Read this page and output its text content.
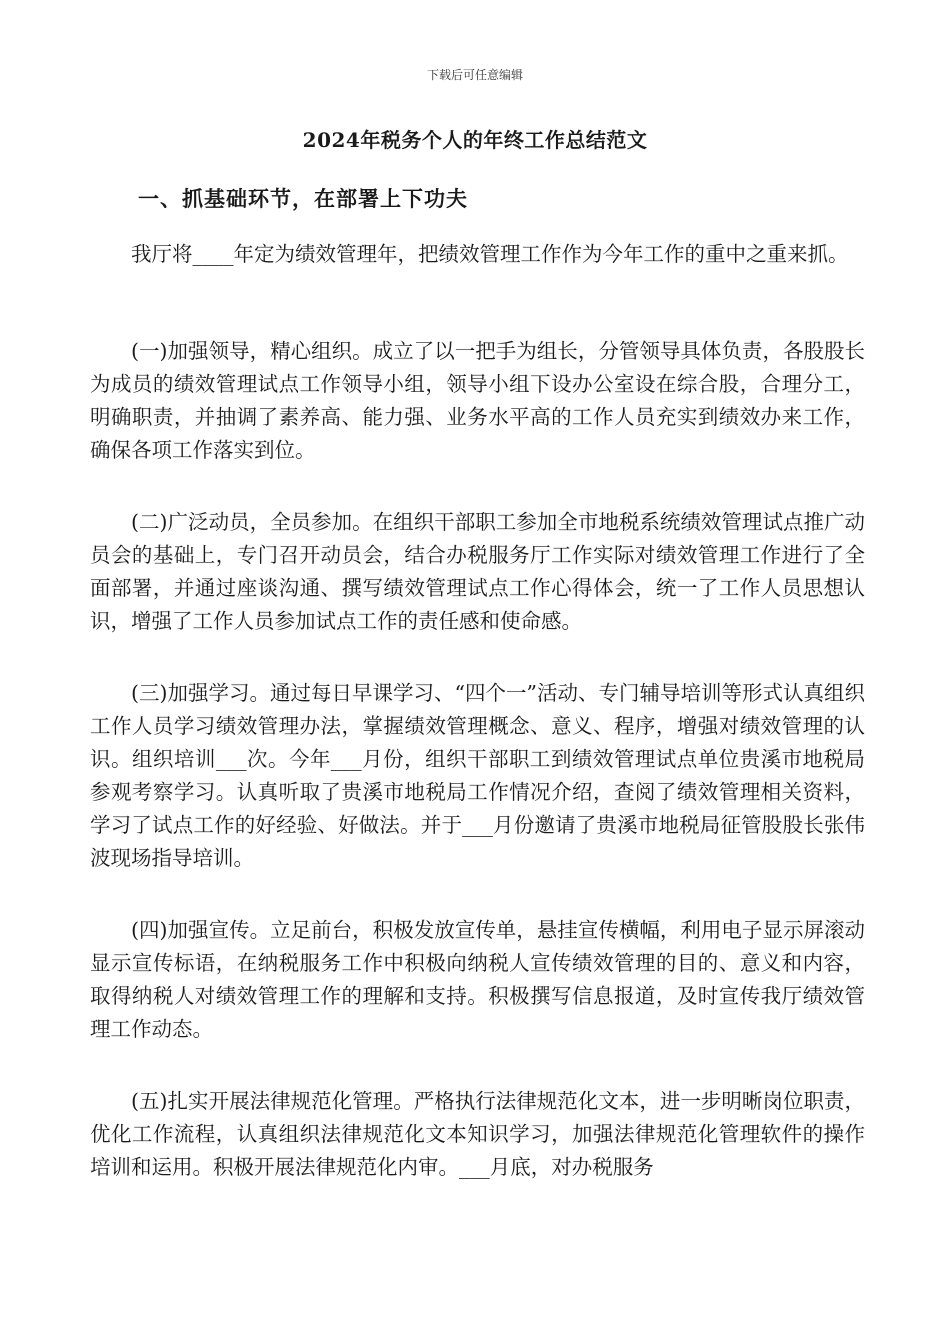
下载后可任意编辑
2024年税务个人的年终工作总结范文
一、抓基础环节，在部署上下功夫

我厅将____年定为绩效管理年，把绩效管理工作作为今年工作的重中之重来抓。

(一)加强领导，精心组织。成立了以一把手为组长，分管领导具体负责，各股股长为成员的绩效管理试点工作领导小组，领导小组下设办公室设在综合股，合理分工，明确职责，并抽调了素养高、能力强、业务水平高的工作人员充实到绩效办来工作，确保各项工作落实到位。

(二)广泛动员，全员参加。在组织干部职工参加全市地税系统绩效管理试点推广动员会的基础上，专门召开动员会，结合办税服务厅工作实际对绩效管理工作进行了全面部署，并通过座谈沟通、撰写绩效管理试点工作心得体会，统一了工作人员思想认识，增强了工作人员参加试点工作的责任感和使命感。

(三)加强学习。通过每日早课学习、“四个一”活动、专门辅导培训等形式认真组织工作人员学习绩效管理办法，掌握绩效管理概念、意义、程序，增强对绩效管理的认识。组织培训___次。今年___月份，组织干部职工到绩效管理试点单位贵溪市地税局参观考察学习。认真听取了贵溪市地税局工作情况介绍，查阅了绩效管理相关资料，学习了试点工作的好经验、好做法。并于___月份邀请了贵溪市地税局征管股股长张伟波现场指导培训。

(四)加强宣传。立足前台，积极发放宣传单，悬挂宣传横幅，利用电子显示屏滚动显示宣传标语，在纳税服务工作中积极向纳税人宣传绩效管理的目的、意义和内容，取得纳税人对绩效管理工作的理解和支持。积极撰写信息报道，及时宣传我厅绩效管理工作动态。

(五)扎实开展法律规范化管理。严格执行法律规范化文本，进一步明晰岗位职责，优化工作流程，认真组织法律规范化文本知识学习，加强法律规范化管理软件的操作培训和运用。积极开展法律规范化内审。___月底，对办税服务
